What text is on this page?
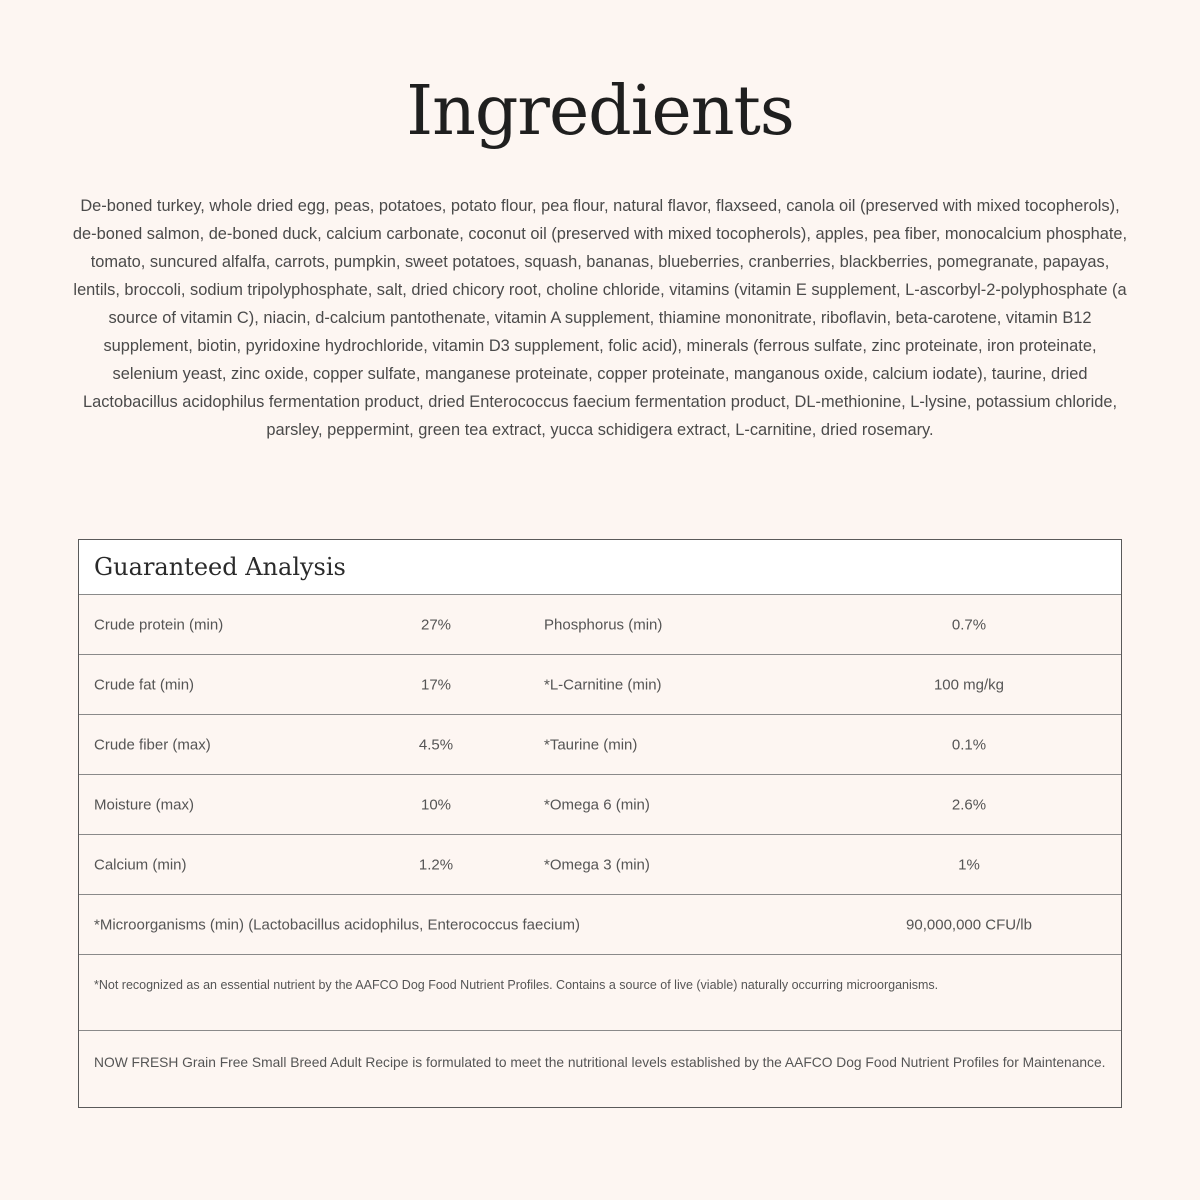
Ingredients

De-boned turkey, whole dried egg, peas, potatoes, potato flour, pea flour, natural flavor, flaxseed, canola oil (preserved with mixed tocopherols), de-boned salmon, de-boned duck, calcium carbonate, coconut oil (preserved with mixed tocopherols), apples, pea fiber, monocalcium phosphate, tomato, suncured alfalfa, carrots, pumpkin, sweet potatoes, squash, bananas, blueberries, cranberries, blackberries, pomegranate, papayas, lentils, broccoli, sodium tripolyphosphate, salt, dried chicory root, choline chloride, vitamins (vitamin E supplement, L-ascorbyl-2-polyphosphate (a source of vitamin C), niacin, d-calcium pantothenate, vitamin A supplement, thiamine mononitrate, riboflavin, beta-carotene, vitamin B12 supplement, biotin, pyridoxine hydrochloride, vitamin D3 supplement, folic acid), minerals (ferrous sulfate, zinc proteinate, iron proteinate, selenium yeast, zinc oxide, copper sulfate, manganese proteinate, copper proteinate, manganous oxide, calcium iodate), taurine, dried Lactobacillus acidophilus fermentation product, dried Enterococcus faecium fermentation product, DL-methionine, L-lysine, potassium chloride, parsley, peppermint, green tea extract, yucca schidigera extract, L-carnitine, dried rosemary.

Guaranteed Analysis
Crude protein (min)	27%	Phosphorus (min)	0.7%
Crude fat (min)	17%	*L-Carnitine (min)	100 mg/kg
Crude fiber (max)	4.5%	*Taurine (min)	0.1%
Moisture (max)	10%	*Omega 6 (min)	2.6%
Calcium (min)	1.2%	*Omega 3 (min)	1%
*Microorganisms (min) (Lactobacillus acidophilus, Enterococcus faecium)	90,000,000 CFU/lb
*Not recognized as an essential nutrient by the AAFCO Dog Food Nutrient Profiles. Contains a source of live (viable) naturally occurring microorganisms.
NOW FRESH Grain Free Small Breed Adult Recipe is formulated to meet the nutritional levels established by the AAFCO Dog Food Nutrient Profiles for Maintenance.
